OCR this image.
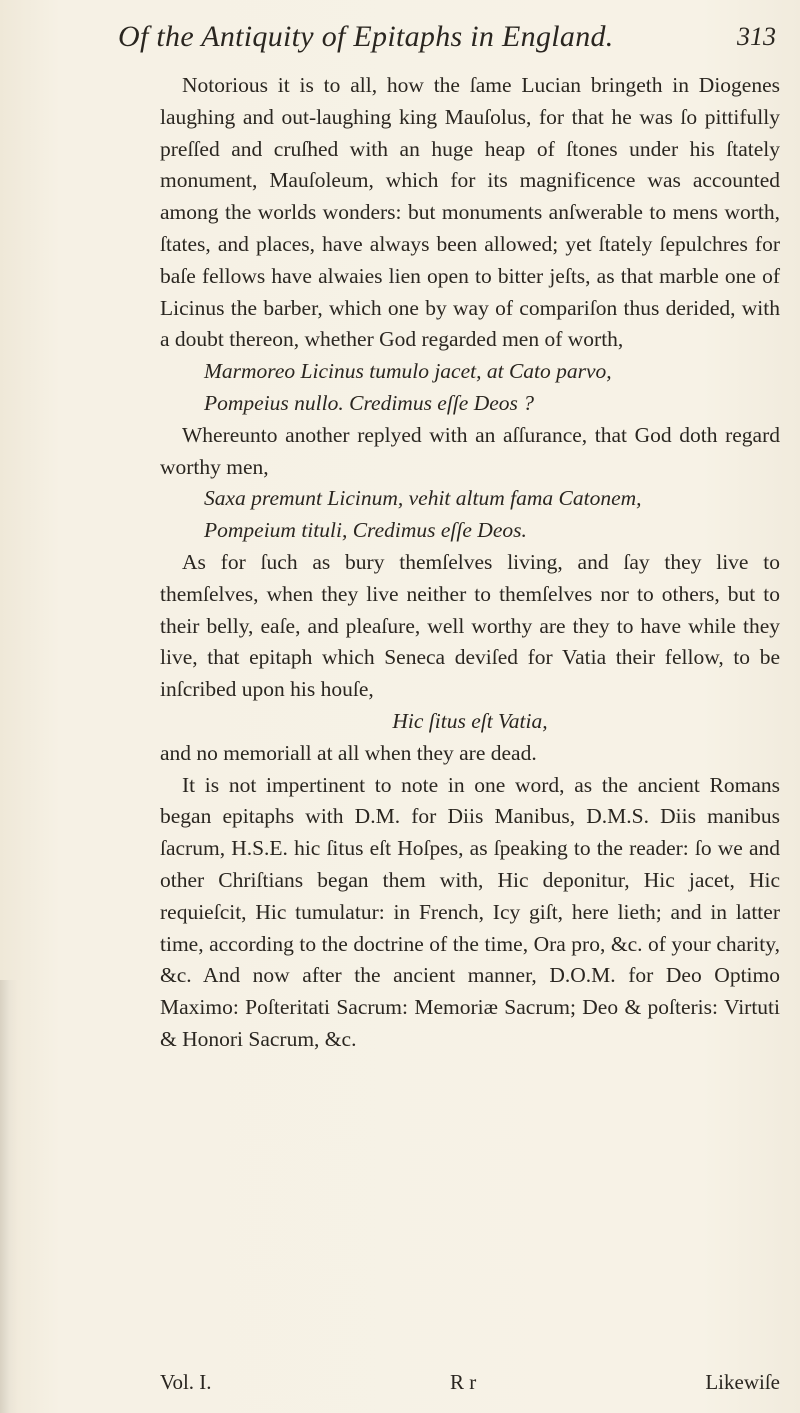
Of the Antiquity of Epitaphs in England.	313

Notorious it is to all, how the ſame Lucian bringeth in Diogenes laughing and out-laughing king Mauſolus, for that he was ſo pittifully preſſed and cruſhed with an huge heap of ſtones under his ſtately monument, Mauſoleum, which for its magnificence was accounted among the worlds wonders: but monuments anſwerable to mens worth, ſtates, and places, have always been allowed; yet ſtately ſepulchres for baſe fellows have alwaies lien open to bitter jeſts, as that marble one of Licinus the barber, which one by way of compariſon thus derided, with a doubt thereon, whether God regarded men of worth,

Marmoreo Licinus tumulo jacet, at Cato parvo,
Pompeius nullo. Credimus eſſe Deos ?

Whereunto another replyed with an aſſurance, that God doth regard worthy men,

Saxa premunt Licinum, vehit altum fama Catonem,
Pompeium tituli, Credimus eſſe Deos.

As for ſuch as bury themſelves living, and ſay they live to themſelves, when they live neither to themſelves nor to others, but to their belly, eaſe, and pleaſure, well worthy are they to have while they live, that epitaph which Seneca deviſed for Vatia their fellow, to be inſcribed upon his houſe,

Hic ſitus eſt Vatia,

and no memoriall at all when they are dead.

It is not impertinent to note in one word, as the ancient Romans began epitaphs with D.M. for Diis Manibus, D.M.S. Diis manibus ſacrum, H.S.E. hic ſitus eſt Hoſpes, as ſpeaking to the reader: ſo we and other Chriſtians began them with, Hic deponitur, Hic jacet, Hic requieſcit, Hic tumulatur: in French, Icy giſt, here lieth; and in latter time, according to the doctrine of the time, Ora pro, &c. of your charity, &c. And now after the ancient manner, D.O.M. for Deo Optimo Maximo: Poſteritati Sacrum: Memoriæ Sacrum; Deo & poſteris: Virtuti & Honori Sacrum, &c.

Vol. I.	R r	Likewiſe
